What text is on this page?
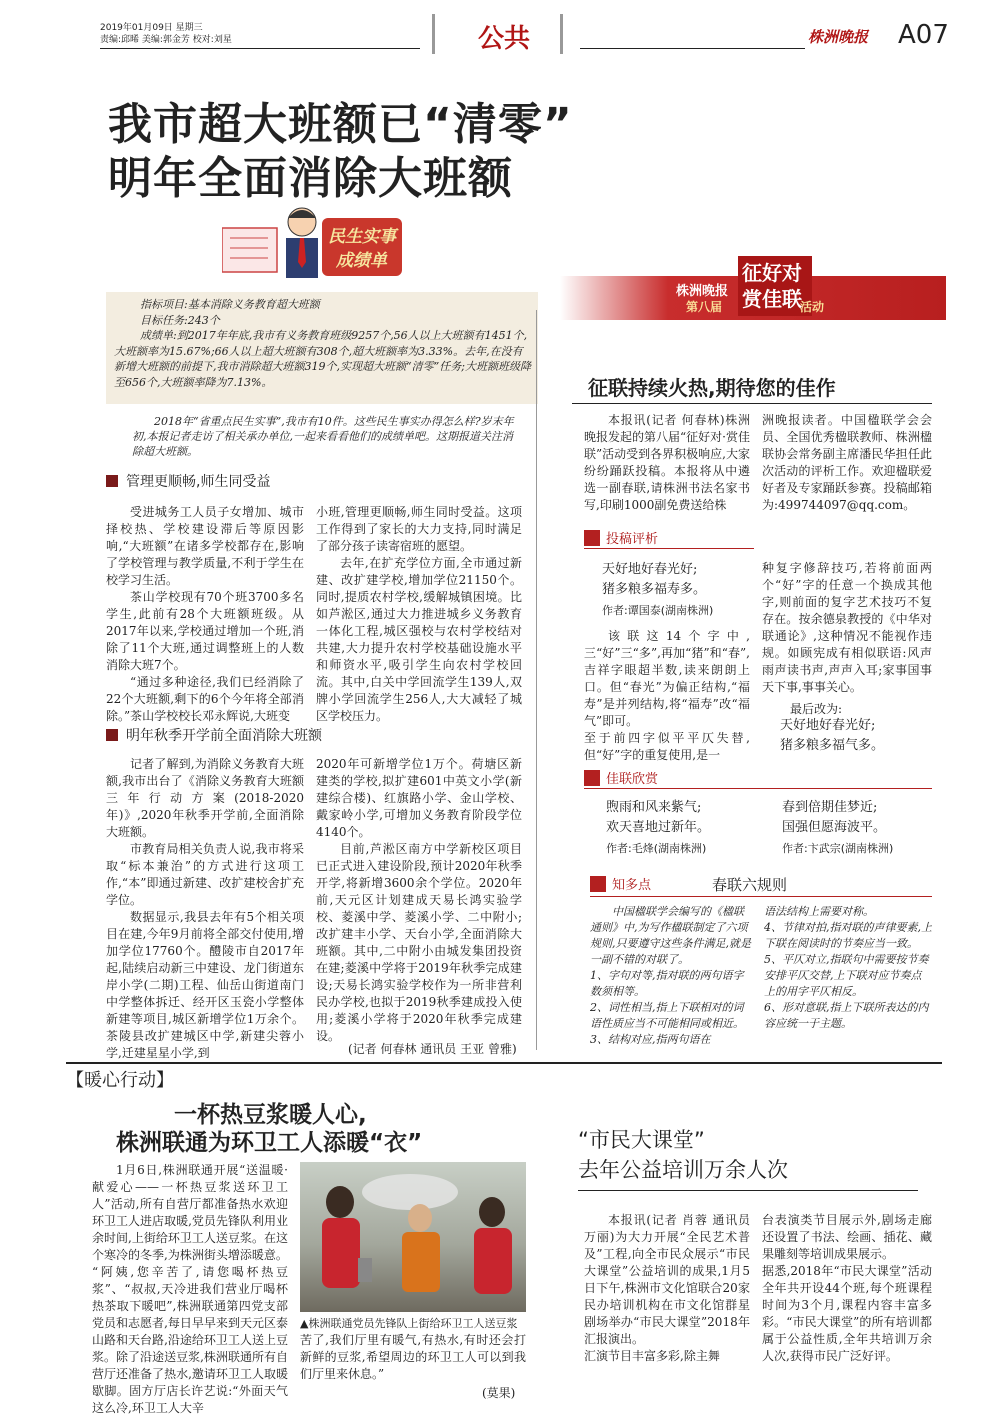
2019年01月09日 星期三
责编:邱晞 美编:郭金芳 校对:刘星	公共	株洲晚报 A07
我市超大班额已“清零”
明年全面消除大班额
民生实事
成绩单
指标项目:基本消除义务教育超大班额
目标任务:243个
成绩单:到2017年年底,我市有义务教育班级9257个,56人以上大班额有1451个,大班额率为15.67%;66人以上超大班额有308个,超大班额率为3.33%。去年,在没有新增大班额的前提下,我市消除超大班额319个,实现超大班额“清零”任务;大班额班级降至656个,大班额率降为7.13%。
2018年“省重点民生实事”,我市有10件。这些民生事实办得怎么样?岁末年初,本报记者走访了相关承办单位,一起来看看他们的成绩单吧。这期报道关注消除超大班额。
管理更顺畅,师生同受益

受进城务工人员子女增加、城市择校热、学校建设滞后等原因影响,“大班额”在诸多学校都存在,影响了学校管理与教学质量,不利于学生在校学习生活。

茶山学校现有70个班3700多名学生,此前有28个大班额班级。从2017年以来,学校通过增加一个班,消除了11个大班,通过调整班上的人数消除大班7个。

“通过多种途径,我们已经消除了22个大班额,剩下的6个今年将全部消除。”茶山学校校长邓永辉说,大班变

小班,管理更顺畅,师生同时受益。这项工作得到了家长的大力支持,同时满足了部分孩子读寄宿班的愿望。

去年,在扩充学位方面,全市通过新建、改扩建学校,增加学位21150个。同时,提质农村学校,缓解城镇困境。比如芦淞区,通过大力推进城乡义务教育一体化工程,城区强校与农村学校结对共建,大力提升农村学校基础设施水平和师资水平,吸引学生向农村学校回流。其中,白关中学回流学生139人,双牌小学回流学生256人,大大减轻了城区学校压力。

明年秋季开学前全面消除大班额

记者了解到,为消除义务教育大班额,我市出台了《消除义务教育大班额三年行动方案(2018-2020年)》,2020年秋季开学前,全面消除大班额。

市教育局相关负责人说,我市将采取“标本兼治”的方式进行这项工作,“本”即通过新建、改扩建校舍扩充学位。

数据显示,我县去年有5个相关项目在建,今年9月前将全部交付使用,增加学位17760个。醴陵市自2017年起,陆续启动新三中建设、龙门街道东岸小学(二期)工程、仙岳山街道南门中学整体拆迁、经开区玉瓷小学整体新建等项目,城区新增学位1万余个。茶陵县改扩建城区中学,新建尖蓉小学,迁建星星小学,到

2020年可新增学位1万个。荷塘区新建类的学校,拟扩建601中英文小学(新建综合楼)、红旗路小学、金山学校、戴家岭小学,可增加义务教育阶段学位4140个。

目前,芦淞区南方中学新校区项目已正式进入建设阶段,预计2020年秋季开学,将新增3600余个学位。2020年前,天元区计划建成天易长鸿实验学校、菱溪中学、菱溪小学、二中附小;改扩建丰小学、天台小学,全面消除大班额。其中,二中附小由城发集团投资在建;菱溪中学将于2019年秋季完成建设;天易长鸿实验学校作为一所非营利民办学校,也拟于2019秋季建成投入使用;菱溪小学将于2020年秋季完成建设。

(记者 何春林 通讯员 王亚 曾雅)
株洲晚报
第八届
征好对赏佳联
活动
征联持续火热,期待您的佳作
本报讯(记者 何春林)株洲晚报发起的第八届“征好对·赏佳联”活动受到各界积极响应,大家纷纷踊跃投稿。本报将从中遴选一副春联,请株洲书法名家书写,印刷1000副免费送给株
洲晚报读者。中国楹联学会会员、全国优秀楹联教师、株洲楹联协会常务副主席潘民华担任此次活动的评析工作。欢迎楹联爱好者及专家踊跃参赛。投稿邮箱为:499744097@qq.com。
投稿评析
天好地好春光好;
猪多粮多福寿多。
作者:谭国泰(湖南株洲)
该联这14个字中,三“好”三“多”,再加“猪”和“春”,吉祥字眼超半数,读来朗朗上口。但“春光”为偏正结构,“福寿”是并列结构,将“福寿”改“福气”即可。
至于前四字似平平仄失替,但“好”字的重复使用,是一
种复字修辞技巧,若将前面两个“好”字的任意一个换成其他字,则前面的复字艺术技巧不复存在。按余德泉教授的《中华对联通论》,这种情况不能视作违规。如顾宪成有相似联语:风声雨声读书声,声声入耳;家事国事天下事,事事关心。
最后改为:
天好地好春光好;
猪多粮多福气多。
佳联欣赏
煦雨和风来紫气;
欢天喜地过新年。
作者:毛烽(湖南株洲)
春到倍期佳梦近;
国强但愿海波平。
作者:卞武宗(湖南株洲)
知多点	春联六规则
中国楹联学会编写的《楹联通则》中,为写作楹联制定了六项规则,只要遵守这些条件满足,就是一副不错的对联了。
1、字句对等,指对联的两句语字数须相等。
2、词性相当,指上下联相对的词语性质应当不可能相同或相近。
3、结构对应,指两句语在
语法结构上需要对称。
4、节律对拍,指对联的声律要素,上下联在阅读时的节奏应当一致。
5、平仄对立,指联句中需要按节奏安排平仄交替,上下联对应节奏点上的用字平仄相反。
6、形对意联,指上下联所表达的内容应统一于主题。
【暖心行动】
一杯热豆浆暖人心,
株洲联通为环卫工人添暖“衣”
1月6日,株洲联通开展“送温暖·献爱心——一杯热豆浆送环卫工人”活动,所有自营厅都准备热水欢迎环卫工人进店取暖,党员先锋队利用业余时间,上街给环卫工人送豆浆。在这个寒冷的冬季,为株洲街头增添暖意。
“阿姨,您辛苦了,请您喝杯热豆浆”、“叔叔,天冷进我们营业厅喝杯热茶取下暖吧”,株洲联通第四党支部党员和志愿者,每日早早来到天元区泰山路和天台路,沿途给环卫工人送上豆浆。除了沿途送豆浆,株洲联通所有自营厅还准备了热水,邀请环卫工人取暖歇脚。固方厅店长许艺说:“外面天气这么冷,环卫工人大辛
▲株洲联通党员先锋队上街给环卫工人送豆浆
苦了,我们厅里有暖气,有热水,有时还会打新鲜的豆浆,希望周边的环卫工人可以到我们厅里来休息。”
(莫果)
“市民大课堂”
去年公益培训万余人次
本报讯(记者 肖蓉 通讯员 万丽)为大力开展“全民艺术普及”工程,向全市民众展示“市民大课堂”公益培训的成果,1月5日下午,株洲市文化馆联合20家民办培训机构在市文化馆群星剧场举办“市民大课堂”2018年汇报演出。
汇演节目丰富多彩,除主舞
台表演类节目展示外,剧场走廊还设置了书法、绘画、插花、藏果雕刻等培训成果展示。
据悉,2018年“市民大课堂”活动全年共开设44个班,每个班课程时间为3个月,课程内容丰富多彩。“市民大课堂”的所有培训都属于公益性质,全年共培训万余人次,获得市民广泛好评。
